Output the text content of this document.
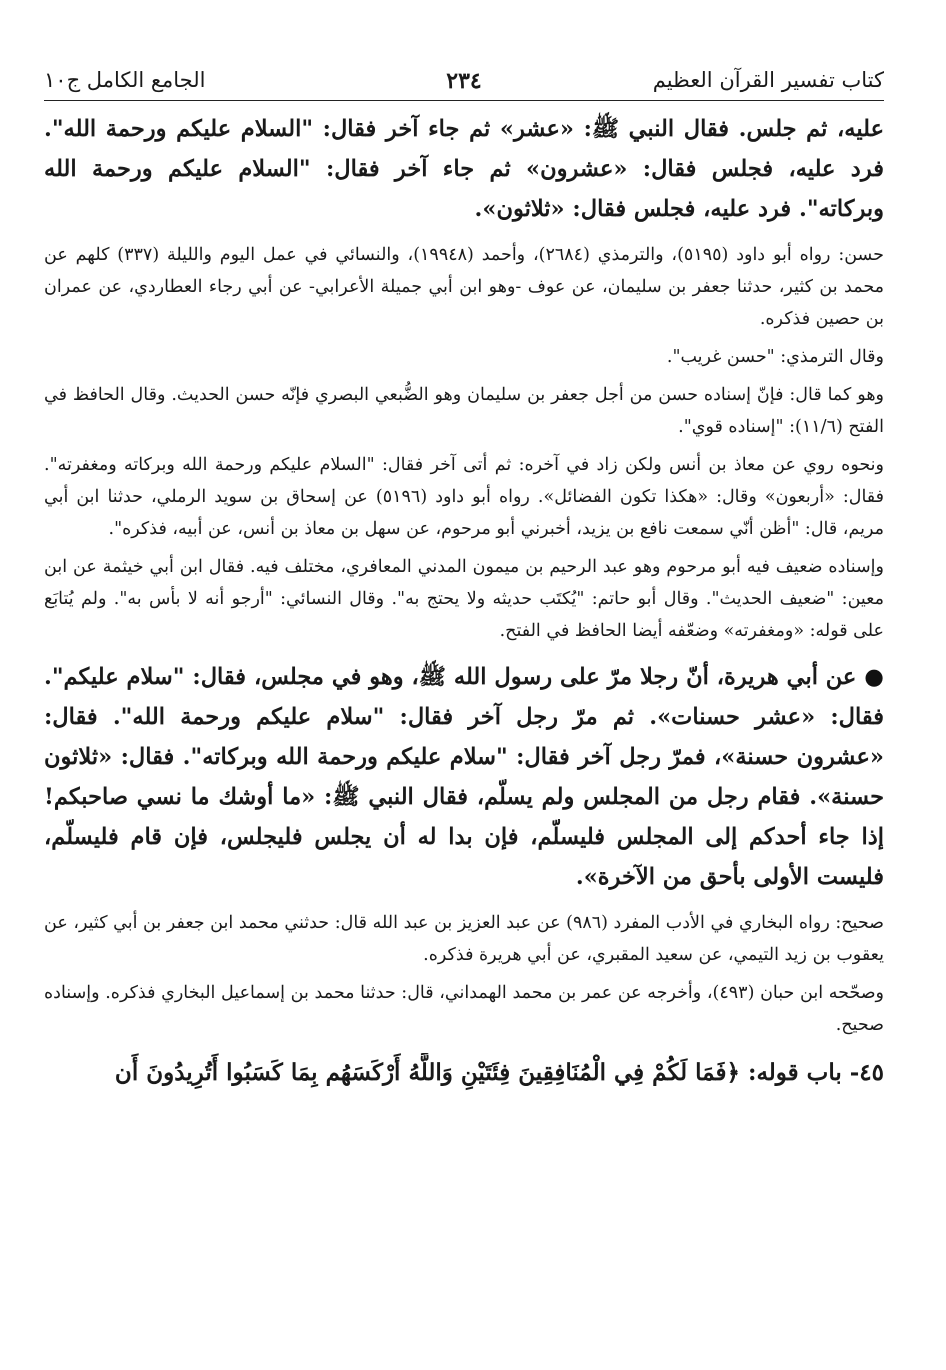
كتاب تفسير القرآن العظيم
٢٣٤
الجامع الكامل ج١٠
عليه، ثم جلس. فقال النبي ﷺ: «عشر» ثم جاء آخر فقال: "السلام عليكم ورحمة الله". فرد عليه، فجلس فقال: «عشرون» ثم جاء آخر فقال: "السلام عليكم ورحمة الله وبركاته". فرد عليه، فجلس فقال: «ثلاثون».
حسن: رواه أبو داود (٥١٩٥)، والترمذي (٢٦٨٤)، وأحمد (١٩٩٤٨)، والنسائي في عمل اليوم والليلة (٣٣٧) كلهم عن محمد بن كثير، حدثنا جعفر بن سليمان، عن عوف -وهو ابن أبي جميلة الأعرابي- عن أبي رجاء العطاردي، عن عمران بن حصين فذكره.
وقال الترمذي: "حسن غريب".
وهو كما قال: فإنّ إسناده حسن من أجل جعفر بن سليمان وهو الضُّبعي البصري فإنّه حسن الحديث. وقال الحافظ في الفتح (١١/٦): "إسناده قوي".
ونحوه روي عن معاذ بن أنس ولكن زاد في آخره: ثم أتى آخر فقال: "السلام عليكم ورحمة الله وبركاته ومغفرته". فقال: «أربعون» وقال: «هكذا تكون الفضائل». رواه أبو داود (٥١٩٦) عن إسحاق بن سويد الرملي، حدثنا ابن أبي مريم، قال: "أظن أنّي سمعت نافع بن يزيد، أخبرني أبو مرحوم، عن سهل بن معاذ بن أنس، عن أبيه، فذكره".
وإسناده ضعيف فيه أبو مرحوم وهو عبد الرحيم بن ميمون المدني المعافري، مختلف فيه. فقال ابن أبي خيثمة عن ابن معين: "ضعيف الحديث". وقال أبو حاتم: "يُكتَب حديثه ولا يحتج به". وقال النسائي: "أرجو أنه لا بأس به". ولم يُتابَع على قوله: «ومغفرته» وضعّفه أيضا الحافظ في الفتح.
● عن أبي هريرة، أنّ رجلا مرّ على رسول الله ﷺ، وهو في مجلس، فقال: "سلام عليكم". فقال: «عشر حسنات». ثم مرّ رجل آخر فقال: "سلام عليكم ورحمة الله". فقال: «عشرون حسنة»، فمرّ رجل آخر فقال: "سلام عليكم ورحمة الله وبركاته". فقال: «ثلاثون حسنة». فقام رجل من المجلس ولم يسلّم، فقال النبي ﷺ: «ما أوشك ما نسي صاحبكم! إذا جاء أحدكم إلى المجلس فليسلّم، فإن بدا له أن يجلس فليجلس، فإن قام فليسلّم، فليست الأولى بأحق من الآخرة».
صحيح: رواه البخاري في الأدب المفرد (٩٨٦) عن عبد العزيز بن عبد الله قال: حدثني محمد ابن جعفر بن أبي كثير، عن يعقوب بن زيد التيمي، عن سعيد المقبري، عن أبي هريرة فذكره.
وصحّحه ابن حبان (٤٩٣)، وأخرجه عن عمر بن محمد الهمداني، قال: حدثنا محمد بن إسماعيل البخاري فذكره. وإسناده صحيح.
٤٥- باب قوله: ﴿فَمَا لَكُمْ فِي الْمُنَافِقِينَ فِئَتَيْنِ وَاللَّهُ أَرْكَسَهُم بِمَا كَسَبُوا أَتُرِيدُونَ أَن
